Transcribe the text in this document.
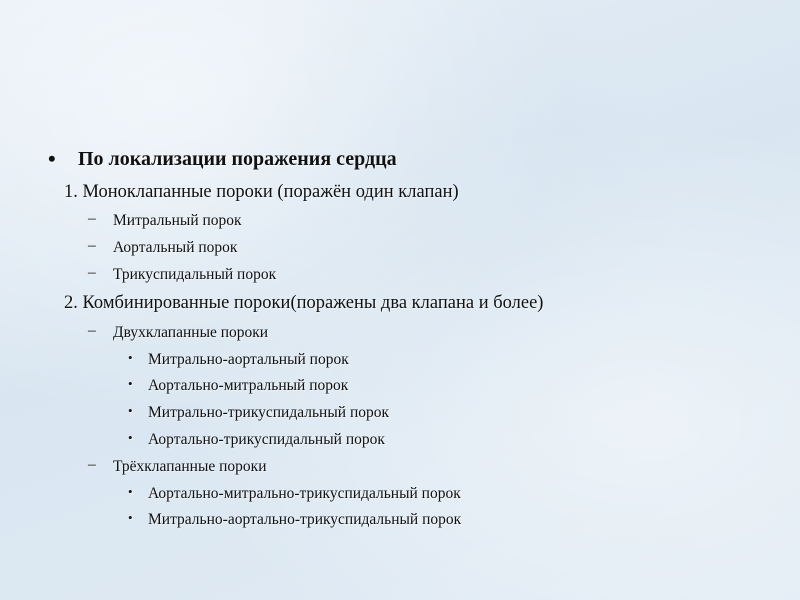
• По локализации поражения сердца
1. Моноклапанные пороки (поражён один клапан)
– Митральный порок
– Аортальный порок
– Трикуспидальный порок
2. Комбинированные пороки(поражены два клапана и более)
– Двухклапанные пороки
• Митрально-аортальный порок
• Аортально-митральный порок
• Митрально-трикуспидальный порок
• Аортально-трикуспидальный порок
– Трёхклапанные пороки
• Аортально-митрально-трикуспидальный порок
• Митрально-аортально-трикуспидальный порок
